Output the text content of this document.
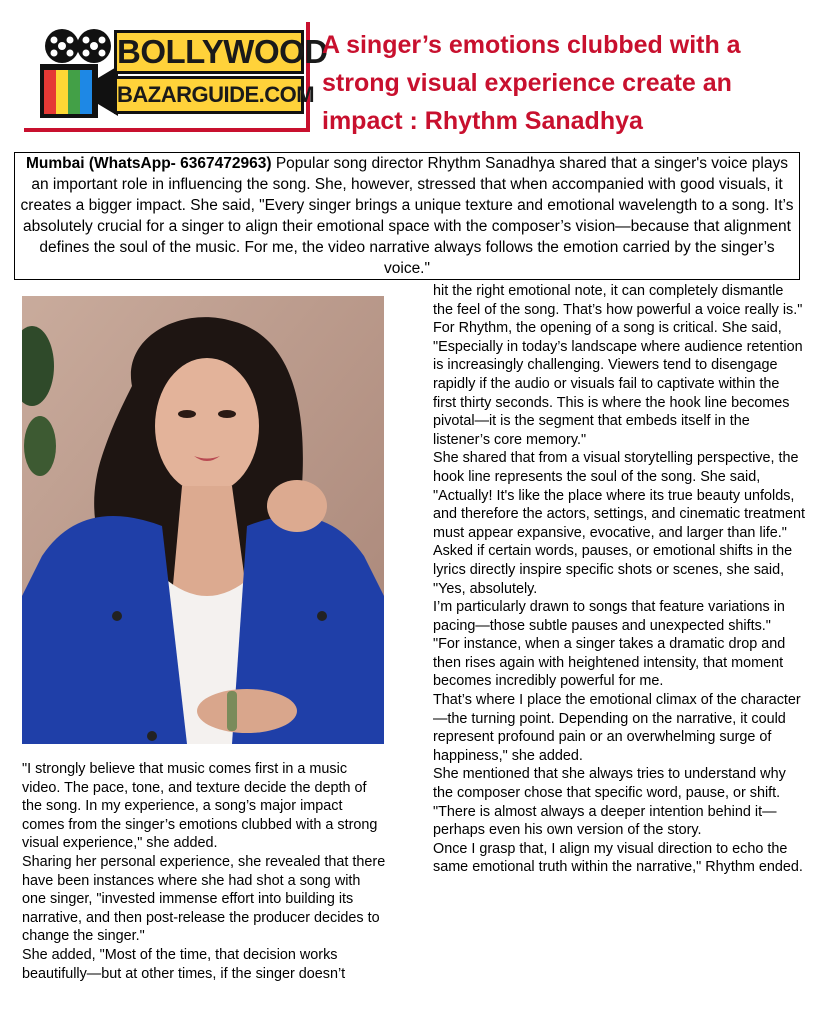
BOLLYWOOD
BAZARGUIDE.COM
A singer’s emotions clubbed with a strong visual experience create an impact : Rhythm Sanadhya
Mumbai (WhatsApp- 6367472963) Popular song director Rhythm Sanadhya shared that a singer's voice plays an important role in influencing the song. She, however, stressed that when accompanied with good visuals, it creates a bigger impact. She said, "Every singer brings a unique texture and emotional wavelength to a song. It’s absolutely crucial for a singer to align their emotional space with the composer’s vision—because that alignment defines the soul of the music. For me, the video narrative always follows the emotion carried by the singer’s voice."

"I strongly believe that music comes first in a music video. The pace, tone, and texture decide the depth of the song. In my experience, a song’s major impact comes from the singer’s emotions clubbed with a strong visual experience," she added.

Sharing her personal experience, she revealed that there have been instances where she had shot a song with one singer, "invested immense effort into building its narrative, and then post-release the producer decides to change the singer."

She added, "Most of the time, that decision works beautifully—but at other times, if the singer doesn’t

hit the right emotional note, it can completely dismantle the feel of the song. That’s how powerful a voice really is."

For Rhythm, the opening of a song is critical. She said, "Especially in today’s landscape where audience retention is increasingly challenging. Viewers tend to disengage rapidly if the audio or visuals fail to captivate within the first thirty seconds. This is where the hook line becomes pivotal—it is the segment that embeds itself in the listener’s core memory."

She shared that from a visual storytelling perspective, the hook line represents the soul of the song. She said, "Actually! It's like the place where its true beauty unfolds, and therefore the actors, settings, and cinematic treatment must appear expansive, evocative, and larger than life."

Asked if certain words, pauses, or emotional shifts in the lyrics directly inspire specific shots or scenes, she said, "Yes, absolutely.

I’m particularly drawn to songs that feature variations in pacing—those subtle pauses and unexpected shifts."

"For instance, when a singer takes a dramatic drop and then rises again with heightened intensity, that moment becomes incredibly powerful for me.

That’s where I place the emotional climax of the character—the turning point. Depending on the narrative, it could represent profound pain or an overwhelming surge of happiness," she added.

She mentioned that she always tries to understand why the composer chose that specific word, pause, or shift. "There is almost always a deeper intention behind it—perhaps even his own version of the story.

Once I grasp that, I align my visual direction to echo the same emotional truth within the narrative," Rhythm ended.
